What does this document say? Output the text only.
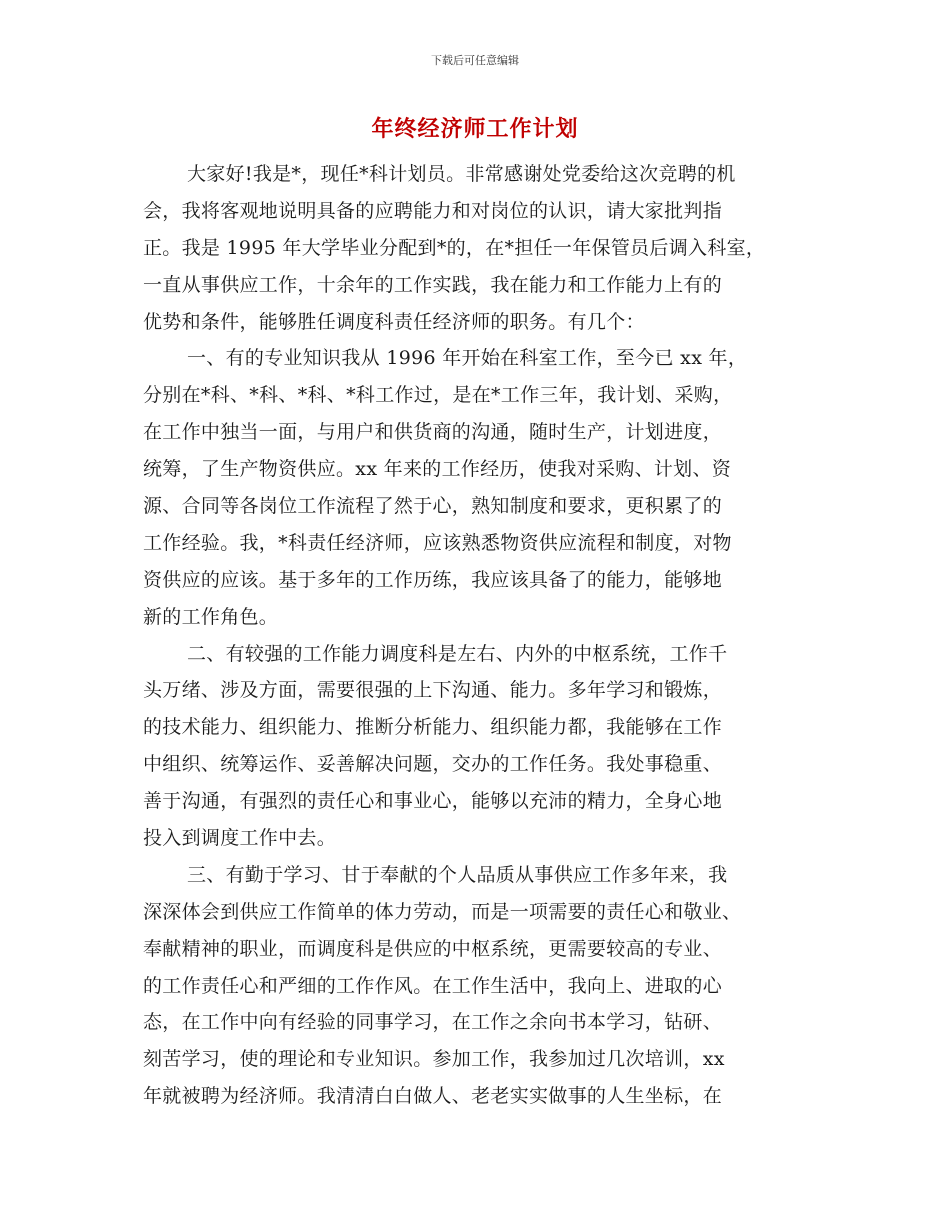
下载后可任意编辑
年终经济师工作计划
大家好!我是*，现任*科计划员。非常感谢处党委给这次竞聘的机
会，我将客观地说明具备的应聘能力和对岗位的认识，请大家批判指
正。我是 1995 年大学毕业分配到*的，在*担任一年保管员后调入科室，
一直从事供应工作，十余年的工作实践，我在能力和工作能力上有的
优势和条件，能够胜任调度科责任经济师的职务。有几个：
一、有的专业知识我从 1996 年开始在科室工作，至今已 xx 年，
分别在*科、*科、*科、*科工作过，是在*工作三年，我计划、采购，
在工作中独当一面，与用户和供货商的沟通，随时生产，计划进度，
统筹，了生产物资供应。xx 年来的工作经历，使我对采购、计划、资
源、合同等各岗位工作流程了然于心，熟知制度和要求，更积累了的
工作经验。我，*科责任经济师，应该熟悉物资供应流程和制度，对物
资供应的应该。基于多年的工作历练，我应该具备了的能力，能够地
新的工作角色。
二、有较强的工作能力调度科是左右、内外的中枢系统，工作千
头万绪、涉及方面，需要很强的上下沟通、能力。多年学习和锻炼，
的技术能力、组织能力、推断分析能力、组织能力都，我能够在工作
中组织、统筹运作、妥善解决问题，交办的工作任务。我处事稳重、
善于沟通，有强烈的责任心和事业心，能够以充沛的精力，全身心地
投入到调度工作中去。
三、有勤于学习、甘于奉献的个人品质从事供应工作多年来，我
深深体会到供应工作简单的体力劳动，而是一项需要的责任心和敬业、
奉献精神的职业，而调度科是供应的中枢系统，更需要较高的专业、
的工作责任心和严细的工作作风。在工作生活中，我向上、进取的心
态，在工作中向有经验的同事学习，在工作之余向书本学习，钻研、
刻苦学习，使的理论和专业知识。参加工作，我参加过几次培训，xx
年就被聘为经济师。我清清白白做人、老老实实做事的人生坐标，在
